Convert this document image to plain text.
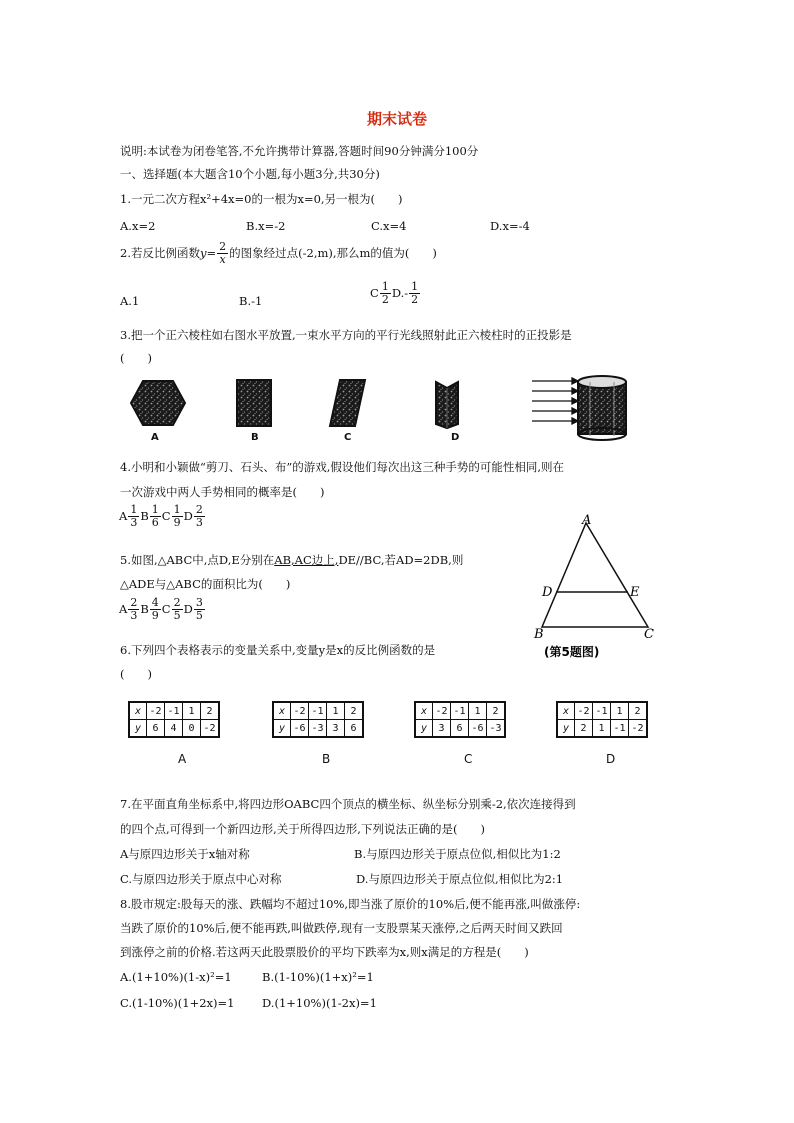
期末试卷
说明:本试卷为闭卷笔答,不允许携带计算器,答题时间90分钟满分100分
一、选择题(本大题含10个小题,每小题3分,共30分)
1.一元二次方程x²+4x=0的一根为x=0,另一根为(　　)
A.x=2	B.x=-2	C.x=4	D.x=-4
2.若反比例函数 $y = \frac{2}{x}$ 的图象经过点(-2,m),那么m的值为(　　)
A.1	B.-1
C $\frac{1}{2} D.- \frac{1}{2}$
3.把一个正六棱柱如右图水平放置,一束水平方向的平行光线照射此正六棱柱时的正投影是
(　　)
A	B	C	D
4.小明和小颖做“剪刀、石头、布”的游戏,假设他们每次出这三种手势的可能性相同,则在
一次游戏中两人手势相同的概率是(　　)
A $\frac{1}{3}$ B $\frac{1}{6}$ C $\frac{1}{9}$ D $\frac{2}{3}$
5.如图,△ABC中,点D,E分别在AB,AC边上,DE//BC,若AD=2DB,则
△ADE与△ABC的面积比为(　　)
A $\frac{2}{3}$ B $\frac{4}{9}$ C $\frac{2}{5}$ D $\frac{3}{5}$
A
D	E
B	C
(第5题图)
6.下列四个表格表示的变量关系中,变量y是x的反比例函数的是
(　　)
x	-2	-1	1	2
y	6	4	0	-2
A
x	-2	-1	1	2
y	-6	-3	3	6
B
x	-2	-1	1	2
y	3	6	-6	-3
C
x	-2	-1	1	2
y	2	1	-1	-2
D
7.在平面直角坐标系中,将四边形OABC四个顶点的横坐标、纵坐标分别乘-2,依次连接得到
的四个点,可得到一个新四边形,关于所得四边形,下列说法正确的是(　　)
A与原四边形关于x轴对称	B.与原四边形关于原点位似,相似比为1:2
C.与原四边形关于原点中心对称	D.与原四边形关于原点位似,相似比为2:1
8.股市规定:股每天的涨、跌幅均不超过10%,即当涨了原价的10%后,便不能再涨,叫做涨停:
当跌了原价的10%后,便不能再跌,叫做跌停,现有一支股票某天涨停,之后两天时间又跌回
到涨停之前的价格.若这两天此股票股价的平均下跌率为x,则x满足的方程是(　　)
A.(1+10%)(1-x)²=1	B.(1-10%)(1+x)²=1
C.(1-10%)(1+2x)=1 D.(1+10%)(1-2x)=1
